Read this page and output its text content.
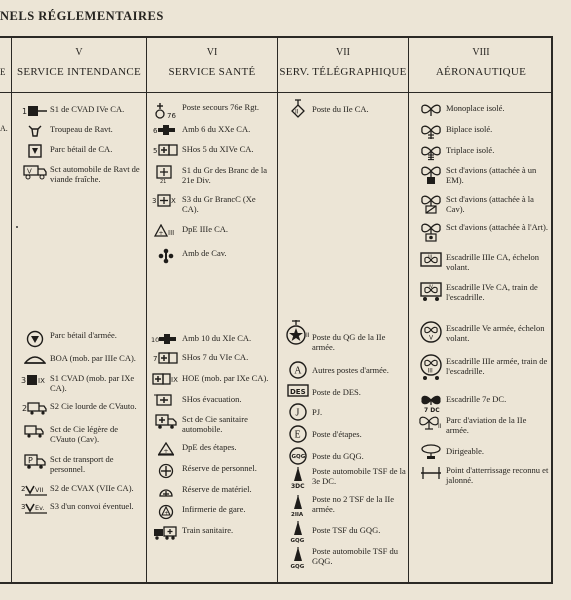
NELS RÉGLEMENTAIRES
E
A.
V
SERVICE INTENDANCE
VI
SERVICE SANTÉ
VII
SERV. TÉLÉGRAPHIQUE
VIII
AÉRONAUTIQUE
1	S1 de CVAD IVe CA.
Troupeau de Ravt.
Parc bétail de CA.
V Sct automobile de Ravt de viande fraîche.
Parc bétail d'armée.
BOA (mob. par IIIe CA).
3 IX S1 CVAD (mob. par IXe CA).
2	S2 Cie lourde de CVauto.
Sct de Cie légère de CVauto (Cav).
P Sct de transport de personnel.
2 VII S2 de CVAX (VIIe CA).
3 Ev. S3 d'un convoi éventuel.
76
Poste secours 76e Rgt.
6	Amb 6 du XXe CA.
5	SHos 5 du XIVe CA.
21
S1 du Gr des Branc de la 21e Div.
3 X S3 du Gr BrancC (Xe CA).
+ III DpE IIIe CA.
Amb de Cav.
10	Amb 10 du XIe CA.
7	SHos 7 du VIe CA.
IX HOE (mob. par IXe CA).
SHos évacuation.
Sct de Cie sanitaire automobile.
+ DpE des étapes.
Réserve de personnel.
Réserve de matériel.
+ Infirmerie de gare.
Train sanitaire.
II Poste du IIe CA.
II Poste du QG de la IIe armée.
A Autres postes d'armée.
DES Poste de DES.
J PJ.
E Poste d'étapes.
GQG Poste du GQG.
3DC
Poste automobile TSF de la 3e DC.
2IIA
Poste no 2 TSF de la IIe armée.
GQG
Poste TSF du GQG.
GQG
Poste automobile TSF du GQG.
Monoplace isolé.
Biplace isolé.
Triplace isolé.
Sct d'avions (attachée à un EM).
Sct d'avions (attachée à la Cav).
Sct d'avions (attachée à l'Art).
III Escadrille IIIe CA, échelon volant.
IV Escadrille IVe CA, train de l'escadrille.
V
Escadrille Ve armée, échelon volant.
III
Escadrille IIIe armée, train de l'escadrille.
7 DC
Escadrille 7e DC.
II
Parc d'aviation de la IIe armée.
Dirigeable.
Point d'atterrissage reconnu et jalonné.
